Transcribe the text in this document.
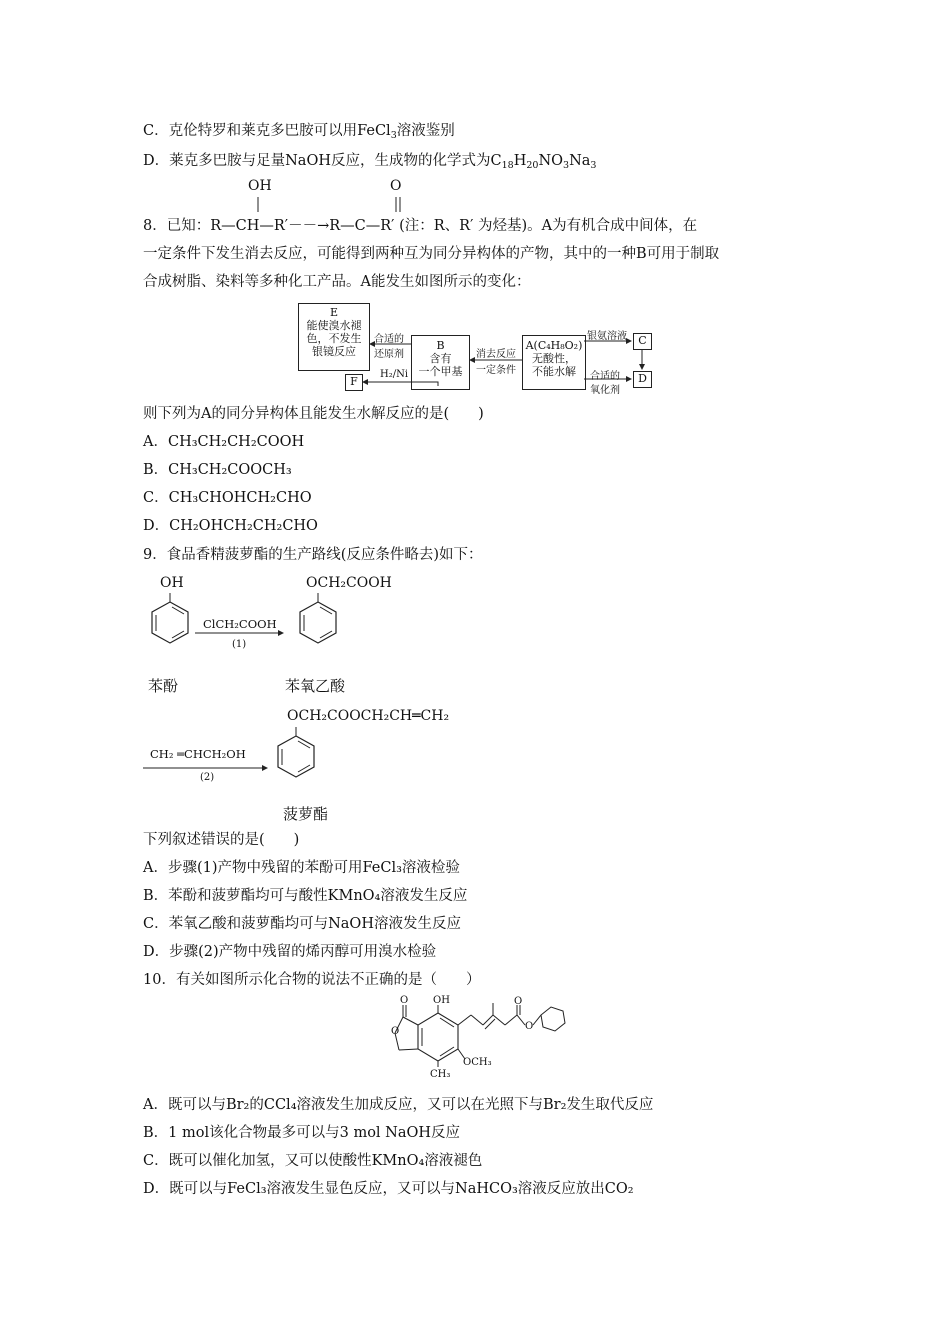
C．克伦特罗和莱克多巴胺可以用FeCl$_3$溶液鉴别
D．莱克多巴胺与足量NaOH反应，生成物的化学式为$C_{18}H_{20}NO_3Na_3$
OH	O
8．已知：R—CH—R′－－→R—C—R′ (注：R、R′ 为烃基)。A为有机合成中间体，在
一定条件下发生消去反应，可能得到两种互为同分异构体的产物，其中的一种B可用于制取
合成树脂、染料等多种化工产品。A能发生如图所示的变化：
E
能使溴水褪
色，不发生
银镜反应	B
含有
一个甲基
A(C₄H₈O₂)
无酸性，
不能水解
C
D
F
合适的
还原剂	消去反应
一定条件
银氨溶液
合适的
氧化剂
H₂/Ni
则下列为A的同分异构体且能发生水解反应的是(　　)
A．CH₃CH₂CH₂COOH
B．CH₃CH₂COOCH₃
C．CH₃CHOHCH₂CHO
D．CH₂OHCH₂CH₂CHO
9．食品香精菠萝酯的生产路线(反应条件略去)如下：
OH
ClCH₂COOH
(1)
OCH₂COOH
苯酚	苯氧乙酸
OCH₂COOCH₂CH═CH₂
CH₂ ═CHCH₂OH
(2)
菠萝酯
下列叙述错误的是(　　)
A．步骤(1)产物中残留的苯酚可用FeCl₃溶液检验
B．苯酚和菠萝酯均可与酸性KMnO₄溶液发生反应
C．苯氧乙酸和菠萝酯均可与NaOH溶液发生反应
D．步骤(2)产物中残留的烯丙醇可用溴水检验
10．有关如图所示化合物的说法不正确的是（　　）
O OH
O
O
O
OCH₃
CH₃
A．既可以与Br₂的CCl₄溶液发生加成反应，又可以在光照下与Br₂发生取代反应
B．1 mol该化合物最多可以与3 mol NaOH反应
C．既可以催化加氢，又可以使酸性KMnO₄溶液褪色
D．既可以与FeCl₃溶液发生显色反应，又可以与NaHCO₃溶液反应放出CO₂
